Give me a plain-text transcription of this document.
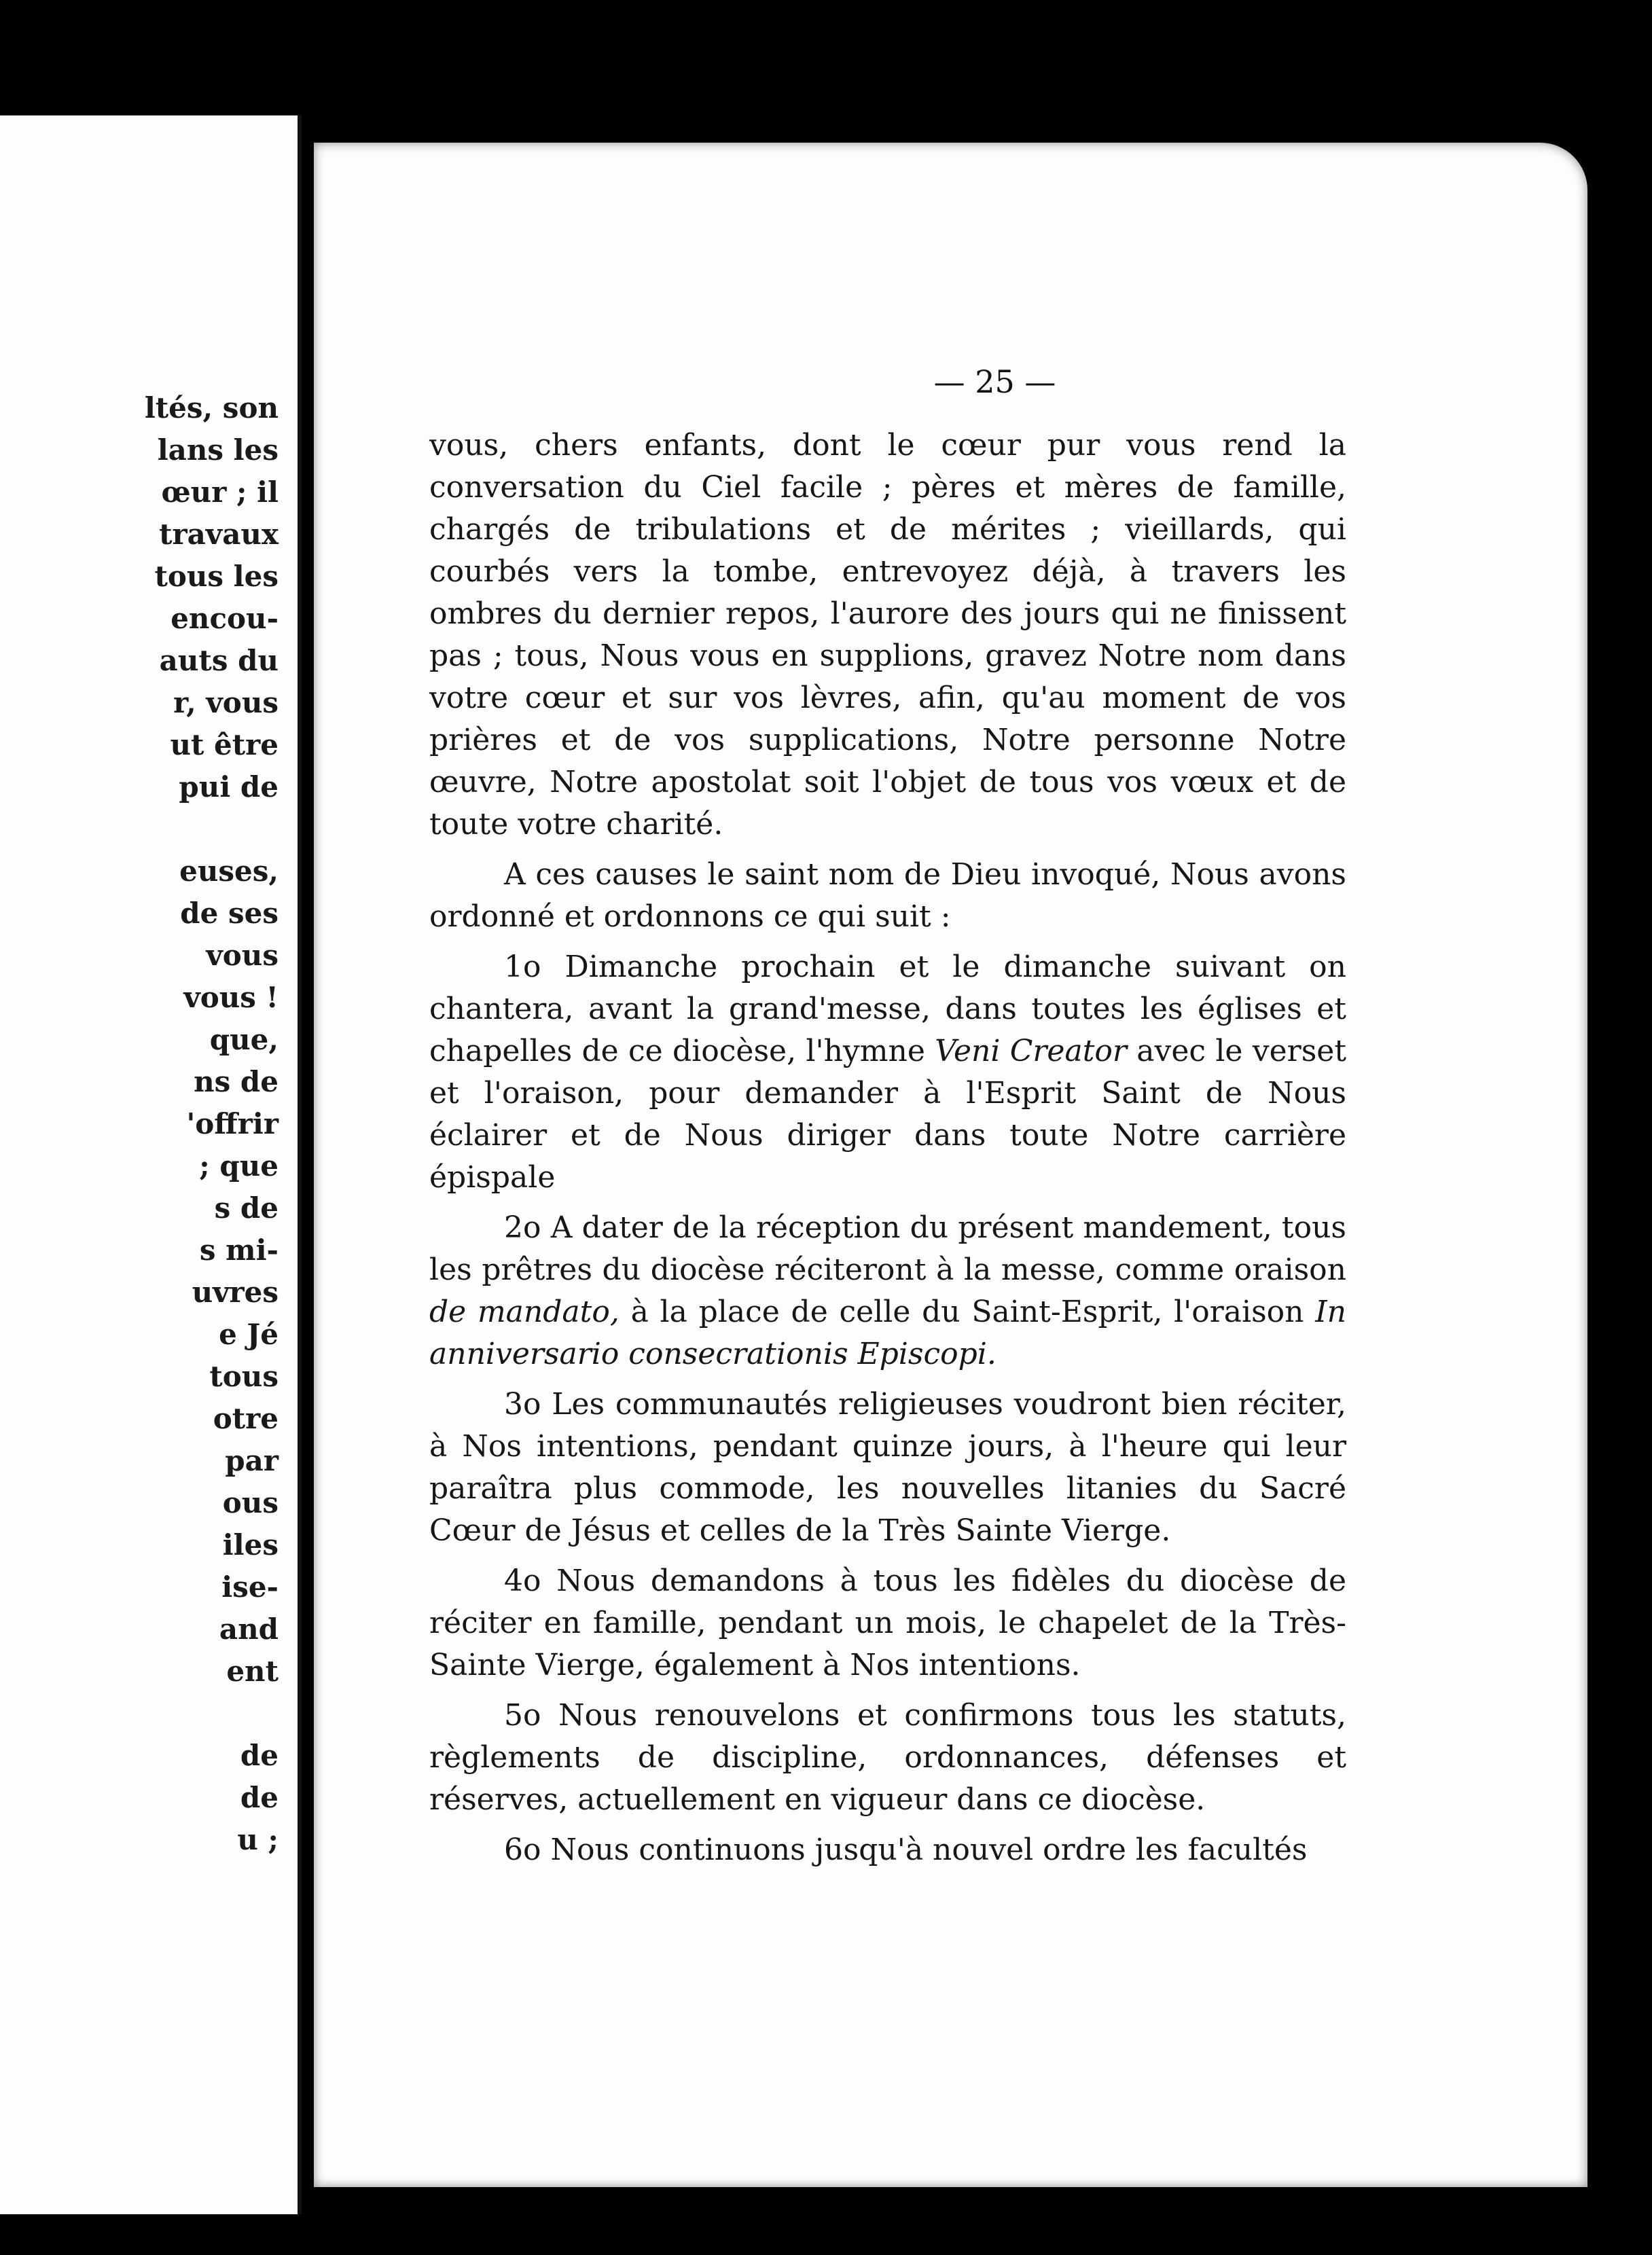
ltés, son
lans les
œur ; il
travaux
tous les
encou-
auts du
r, vous
ut être
pui de
euses,
de ses
vous
vous !
que,
ns de
'offrir
; que
s de
s mi-
uvres
e Jé
tous
otre
par
ous
iles
ise-
and
ent
de
de
u ;
— 25 —

vous, chers enfants, dont le cœur pur vous rend la conversation du Ciel facile ; pères et mères de famille, chargés de tribulations et de mérites ; vieillards, qui courbés vers la tombe, entrevoyez déjà, à travers les ombres du dernier repos, l'aurore des jours qui ne finissent pas ; tous, Nous vous en supplions, gravez Notre nom dans votre cœur et sur vos lèvres, afin, qu'au moment de vos prières et de vos supplications, Notre personne Notre œuvre, Notre apostolat soit l'objet de tous vos vœux et de toute votre charité.

A ces causes le saint nom de Dieu invoqué, Nous avons ordonné et ordonnons ce qui suit :

1o Dimanche prochain et le dimanche suivant on chantera, avant la grand'messe, dans toutes les églises et chapelles de ce diocèse, l'hymne Veni Creator avec le verset et l'oraison, pour demander à l'Esprit Saint de Nous éclairer et de Nous diriger dans toute Notre carrière épispale

2o A dater de la réception du présent mandement, tous les prêtres du diocèse réciteront à la messe, comme oraison de mandato, à la place de celle du Saint-Esprit, l'oraison In anniversario consecrationis Episcopi.

3o Les communautés religieuses voudront bien réciter, à Nos intentions, pendant quinze jours, à l'heure qui leur paraîtra plus commode, les nouvelles litanies du Sacré Cœur de Jésus et celles de la Très Sainte Vierge.

4o Nous demandons à tous les fidèles du diocèse de réciter en famille, pendant un mois, le chapelet de la Très-Sainte Vierge, également à Nos intentions.

5o Nous renouvelons et confirmons tous les statuts, règlements de discipline, ordonnances, défenses et réserves, actuellement en vigueur dans ce diocèse.

6o Nous continuons jusqu'à nouvel ordre les facultés
